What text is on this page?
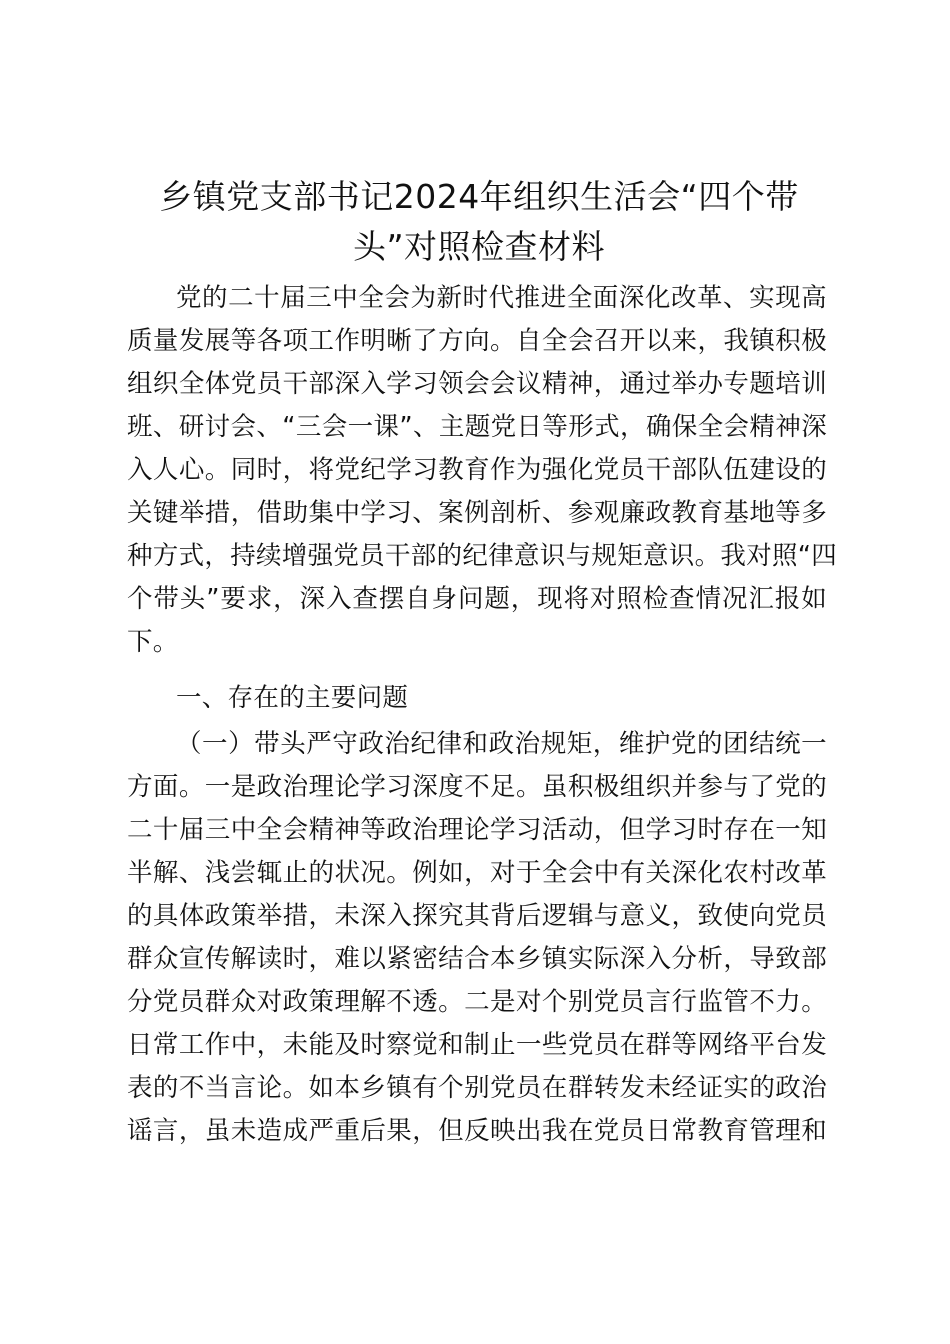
乡镇党支部书记2024年组织生活会“四个带
头”对照检查材料

党的二十届三中全会为新时代推进全面深化改革、实现高

质量发展等各项工作明晰了方向。自全会召开以来，我镇积极

组织全体党员干部深入学习领会会议精神，通过举办专题培训

班、研讨会、“三会一课”、主题党日等形式，确保全会精神深

入人心。同时，将党纪学习教育作为强化党员干部队伍建设的

关键举措，借助集中学习、案例剖析、参观廉政教育基地等多

种方式，持续增强党员干部的纪律意识与规矩意识。我对照“四

个带头”要求，深入查摆自身问题，现将对照检查情况汇报如

下。

一、存在的主要问题

（一）带头严守政治纪律和政治规矩，维护党的团结统一

方面。一是政治理论学习深度不足。虽积极组织并参与了党的

二十届三中全会精神等政治理论学习活动，但学习时存在一知

半解、浅尝辄止的状况。例如，对于全会中有关深化农村改革

的具体政策举措，未深入探究其背后逻辑与意义，致使向党员

群众宣传解读时，难以紧密结合本乡镇实际深入分析，导致部

分党员群众对政策理解不透。二是对个别党员言行监管不力。

日常工作中，未能及时察觉和制止一些党员在群等网络平台发

表的不当言论。如本乡镇有个别党员在群转发未经证实的政治

谣言，虽未造成严重后果，但反映出我在党员日常教育管理和
